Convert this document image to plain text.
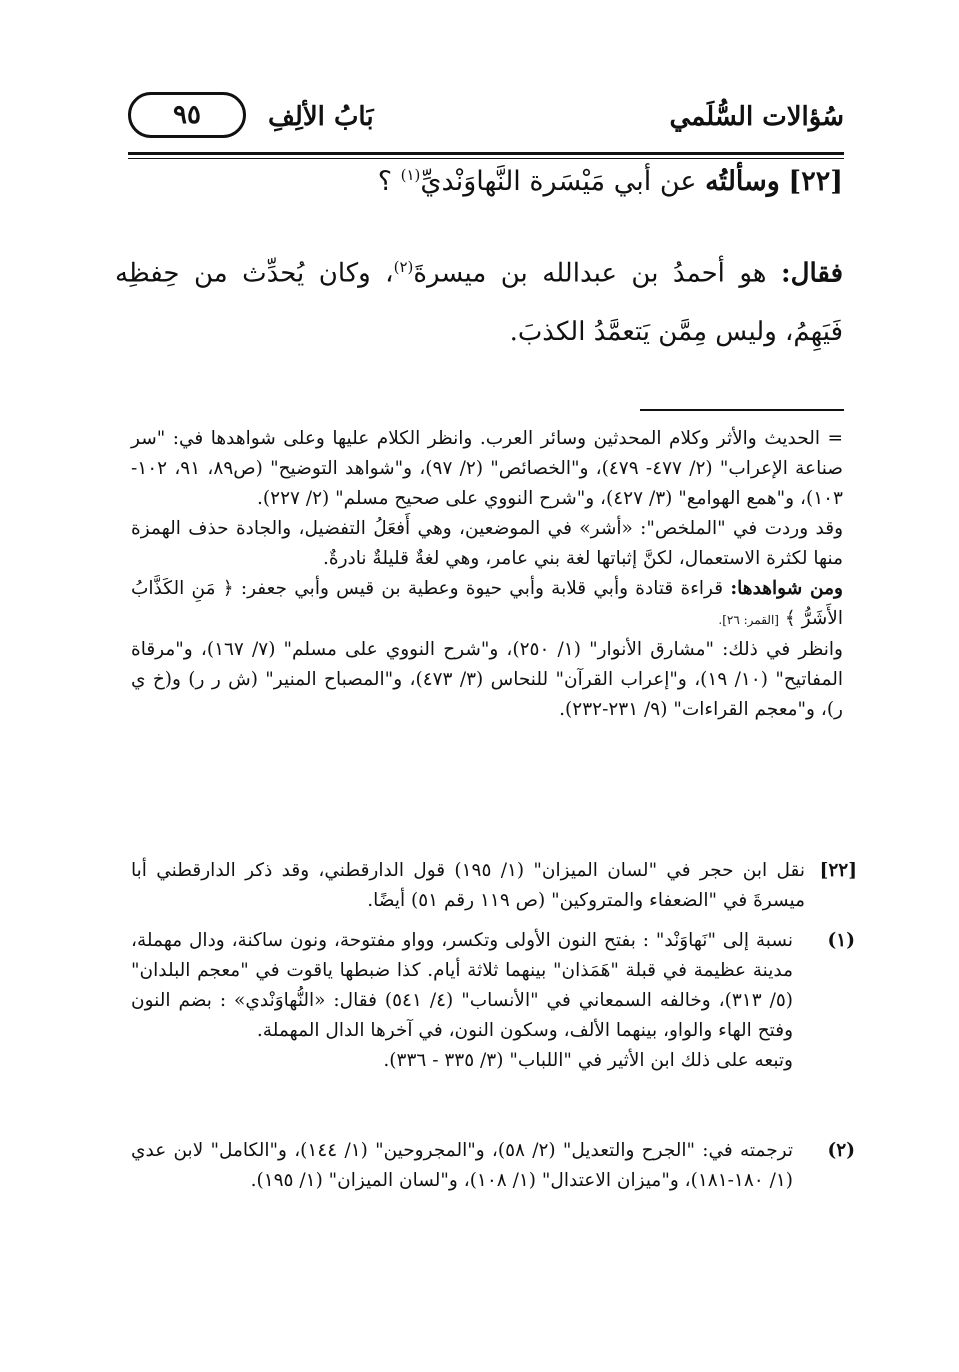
سُؤالات السُّلَمي
بَابُ الألِفِ
٩٥
[٢٢] وسألتُه عن أبي مَيْسَرة النَّهاوَنْديِّ$^{(١)}$ ؟
فقال: هو أحمدُ بن عبدالله بن ميسرةَ$^{(٢)}$، وكان يُحدِّث من حِفظِه فَيَهِمُ، وليس مِمَّن يَتعمَّدُ الكذبَ.

= الحديث والأثر وكلام المحدثين وسائر العرب. وانظر الكلام عليها وعلى شواهدها في: "سر صناعة الإعراب" (٢/ ٤٧٧- ٤٧٩)، و"الخصائص" (٢/ ٩٧)، و"شواهد التوضيح" (ص٨٩، ٩١، ١٠٢- ١٠٣)، و"همع الهوامع" (٣/ ٤٢٧)، و"شرح النووي على صحيح مسلم" (٢/ ٢٢٧).

وقد وردت في "الملخص": «أشر» في الموضعين، وهي أَفعَلُ التفضيل، والجادة حذف الهمزة منها لكثرة الاستعمال، لكنَّ إثباتها لغة بني عامر، وهي لغةٌ قليلةٌ نادرةٌ.

ومن شواهدها: قراءة قتادة وأبي قلابة وأبي حيوة وعطية بن قيس وأبي جعفر: ﴿ مَنِ الكَذَّابُ الأَشَرُّ ﴾ [القمر: ٢٦].

وانظر في ذلك: "مشارق الأنوار" (١/ ٢٥٠)، و"شرح النووي على مسلم" (٧/ ١٦٧)، و"مرقاة المفاتيح" (١٠/ ١٩)، و"إعراب القرآن" للنحاس (٣/ ٤٧٣)، و"المصباح المنير" (ش ر ر) و(خ ي ر)، و"معجم القراءات" (٩/ ٢٣١-٢٣٢).

[٢٢]
نقل ابن حجر في "لسان الميزان" (١/ ١٩٥) قول الدارقطني، وقد ذكر الدارقطني أبا ميسرةَ في "الضعفاء والمتروكين" (ص ١١٩ رقم ٥١) أيضًا.
(١)
نسبة إلى "نَهاوَنْد" : بفتح النون الأولى وتكسر، وواو مفتوحة، ونون ساكنة، ودال مهملة، مدينة عظيمة في قبلة "هَمَذان" بينهما ثلاثة أيام. كذا ضبطها ياقوت في "معجم البلدان" (٥/ ٣١٣)، وخالفه السمعاني في "الأنساب" (٤/ ٥٤١) فقال: «النُّهاوَنْدي» : بضم النون وفتح الهاء والواو، بينهما الألف، وسكون النون، في آخرها الدال المهملة.
وتبعه على ذلك ابن الأثير في "اللباب" (٣/ ٣٣٥ - ٣٣٦).
(٢)
ترجمته في: "الجرح والتعديل" (٢/ ٥٨)، و"المجروحين" (١/ ١٤٤)، و"الكامل" لابن عدي (١/ ١٨٠-١٨١)، و"ميزان الاعتدال" (١/ ١٠٨)، و"لسان الميزان" (١/ ١٩٥).
